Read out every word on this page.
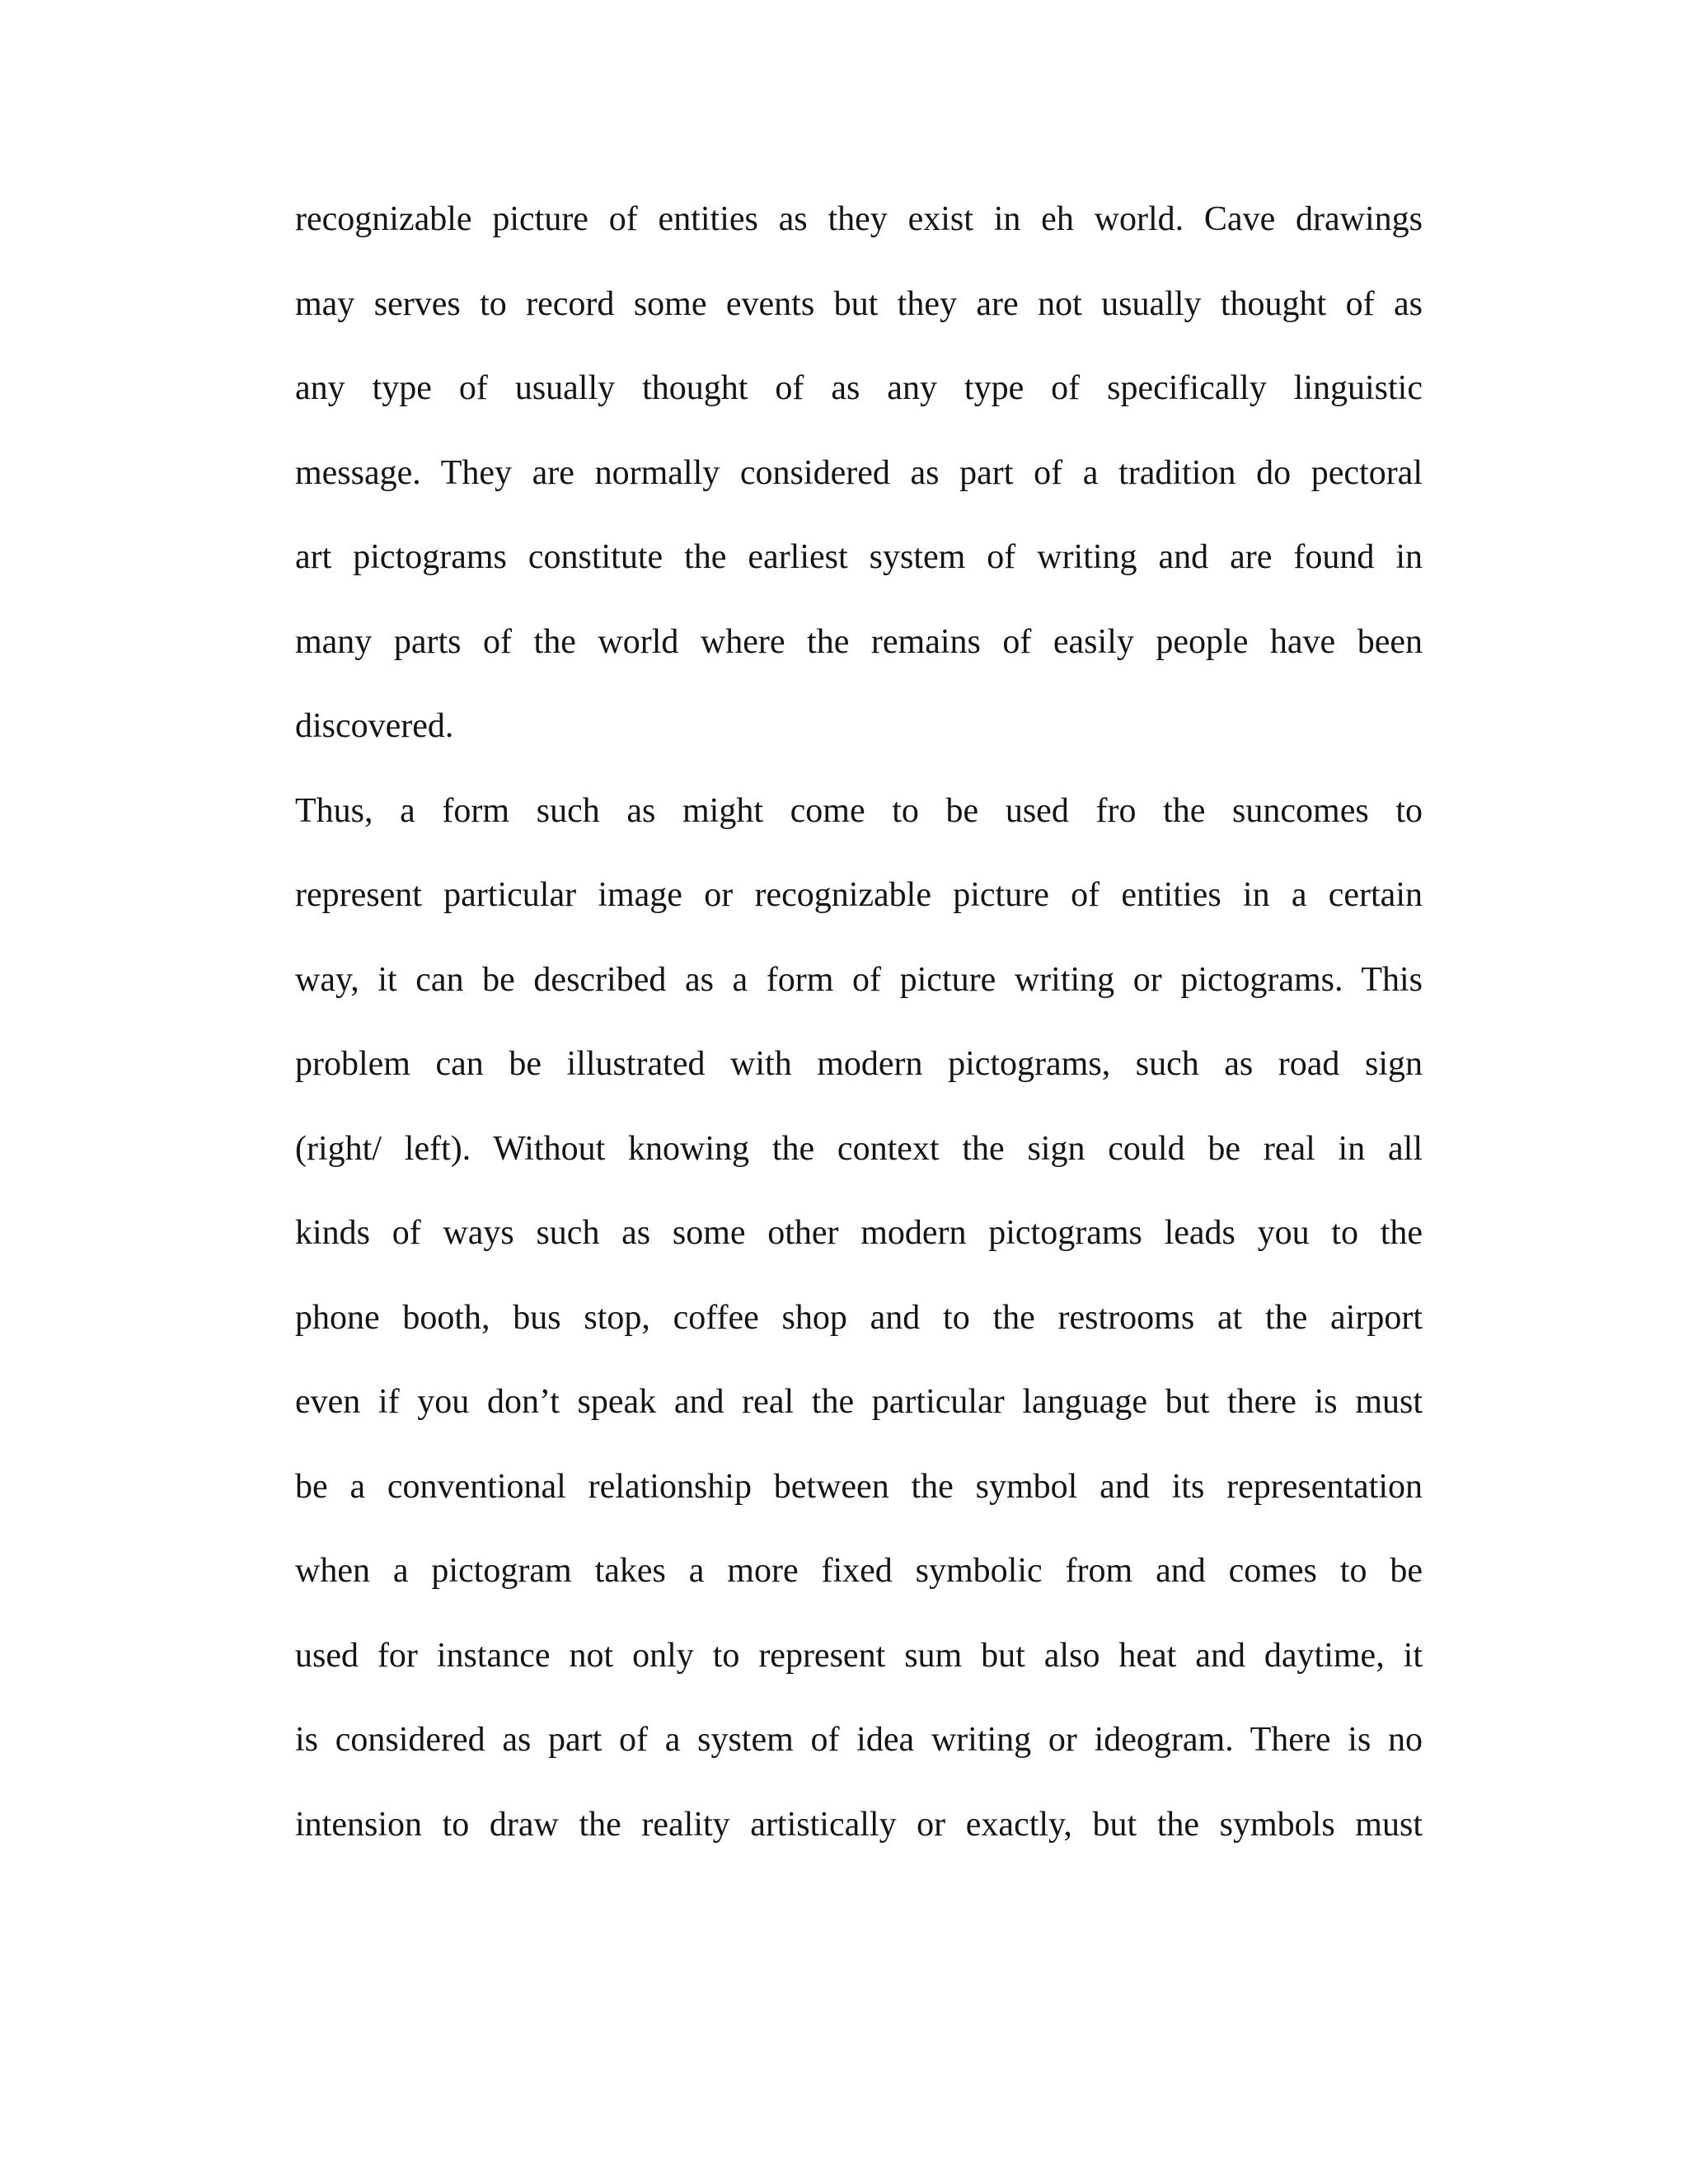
recognizable picture of entities as they exist in eh world. Cave drawings
may serves to record some events but they are not usually thought of as
any type of usually thought of as any type of specifically linguistic
message. They are normally considered as part of a tradition do pectoral
art pictograms constitute the earliest system of writing and are found in
many parts of the world where the remains of easily people have been
discovered.
Thus, a form such as might come to be used fro the suncomes to
represent particular image or recognizable picture of entities in a certain
way, it can be described as a form of picture writing or pictograms. This
problem can be illustrated with modern pictograms, such as road sign
(right/ left). Without knowing the context the sign could be real in all
kinds of ways such as some other modern pictograms leads you to the
phone booth, bus stop, coffee shop and to the restrooms at the airport
even if you don’t speak and real the particular language but there is must
be a conventional relationship between the symbol and its representation
when a pictogram takes a more fixed symbolic from and comes to be
used for instance not only to represent sum but also heat and daytime, it
is considered as part of a system of idea writing or ideogram. There is no
intension to draw the reality artistically or exactly, but the symbols must
